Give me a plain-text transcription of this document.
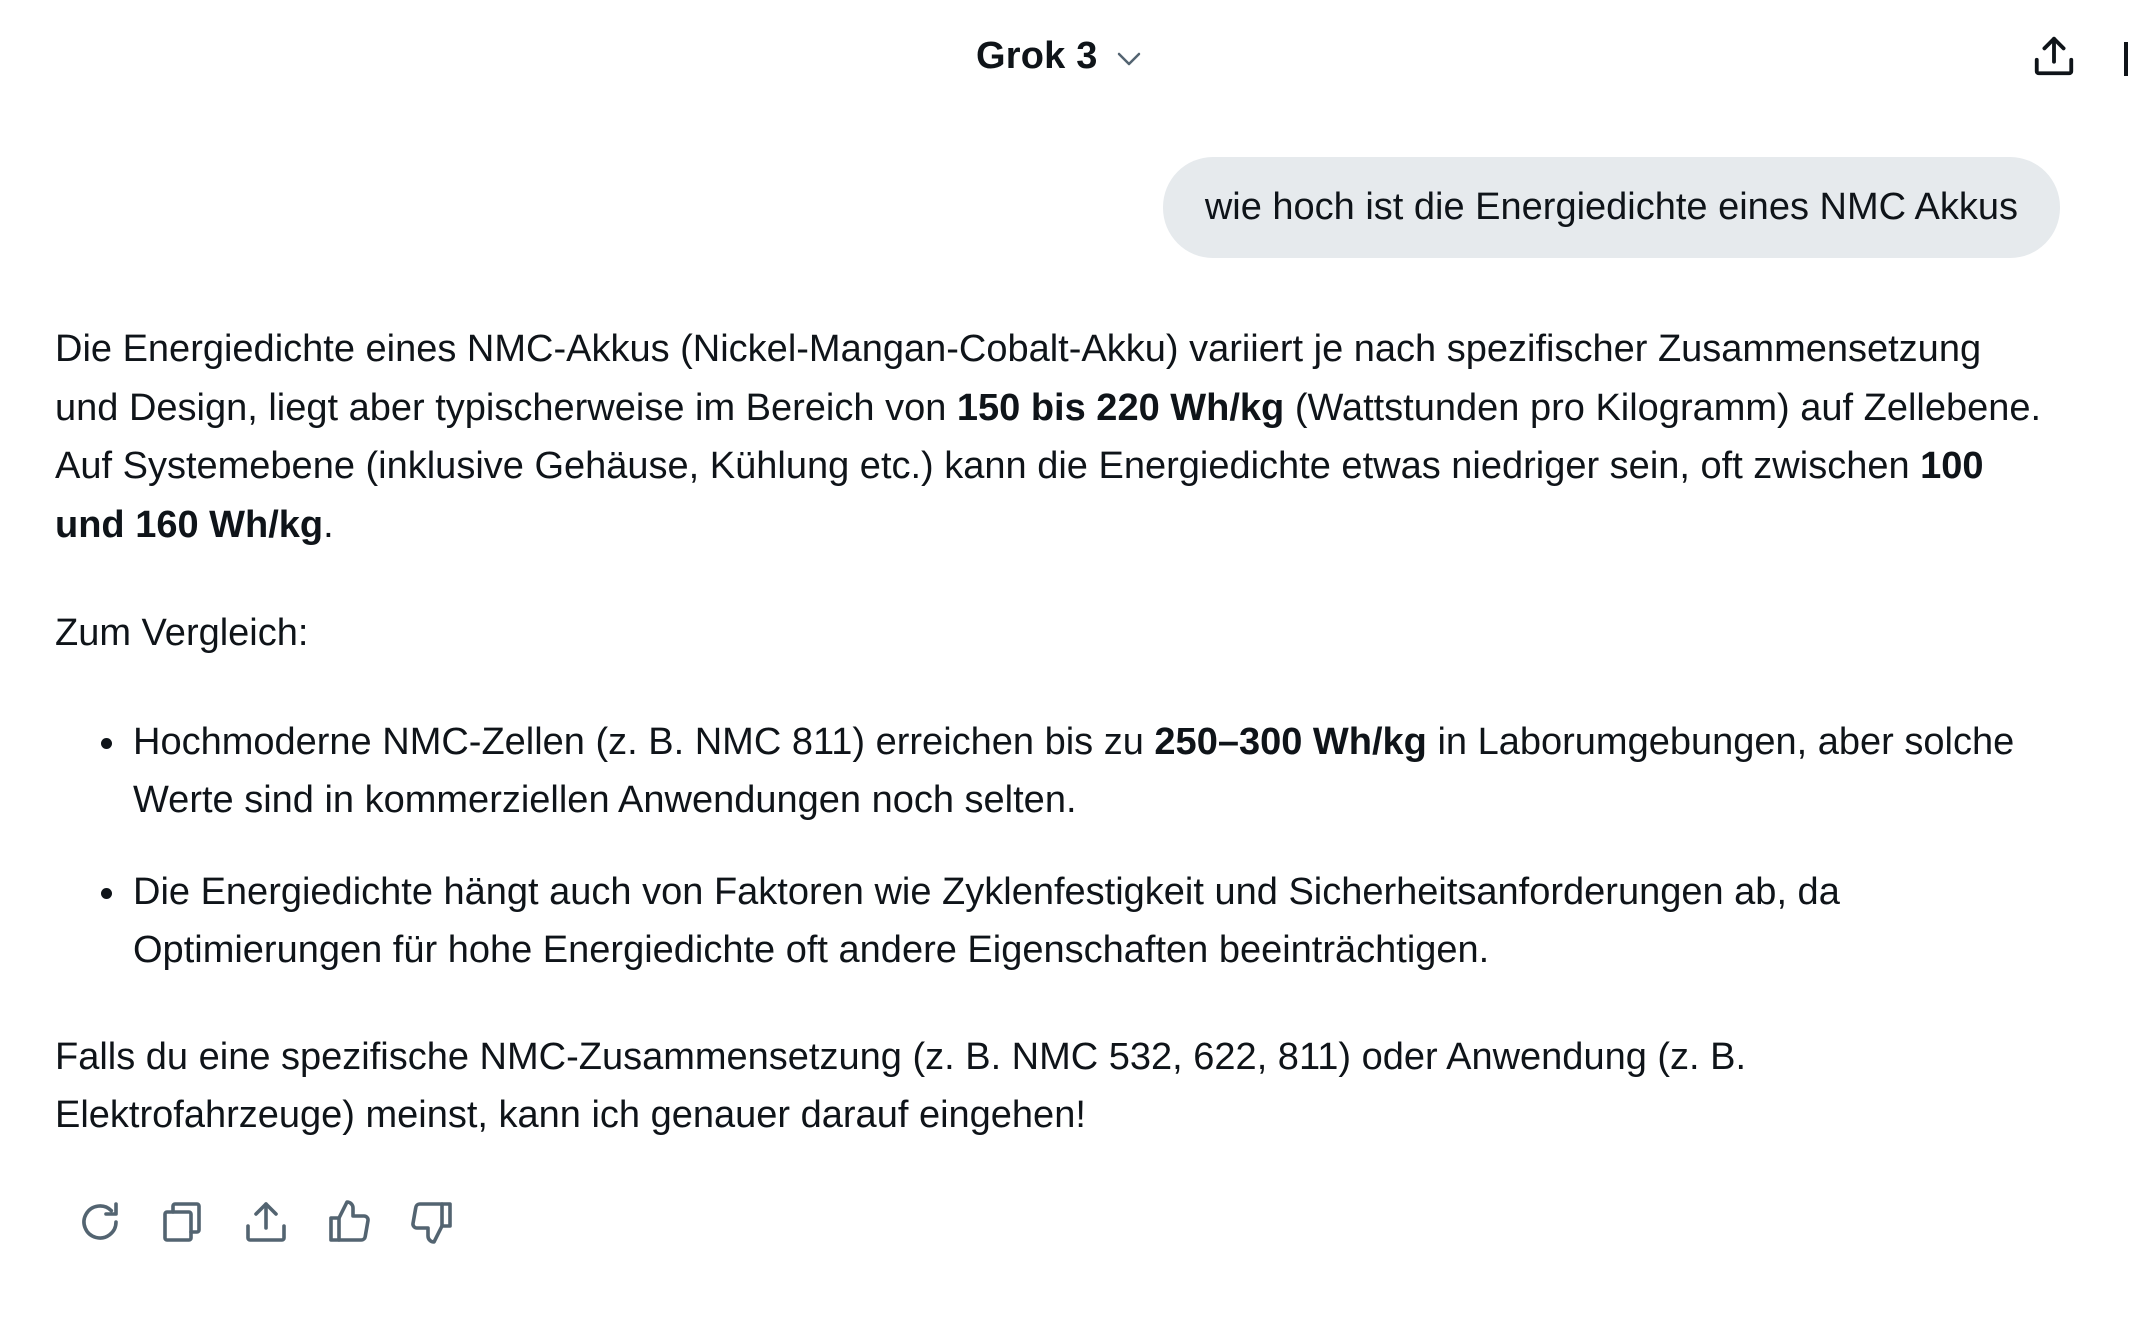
Grok 3
wie hoch ist die Energiedichte eines NMC Akkus

Die Energiedichte eines NMC-Akkus (Nickel-Mangan-Cobalt-Akku) variiert je nach spezifischer Zusammensetzung und Design, liegt aber typischerweise im Bereich von 150 bis 220 Wh/kg (Wattstunden pro Kilogramm) auf Zellebene. Auf Systemebene (inklusive Gehäuse, Kühlung etc.) kann die Energiedichte etwas niedriger sein, oft zwischen 100 und 160 Wh/kg.

Zum Vergleich:

Hochmoderne NMC-Zellen (z. B. NMC 811) erreichen bis zu 250–300 Wh/kg in Laborumgebungen, aber solche Werte sind in kommerziellen Anwendungen noch selten.
Die Energiedichte hängt auch von Faktoren wie Zyklenfestigkeit und Sicherheitsanforderungen ab, da Optimierungen für hohe Energiedichte oft andere Eigenschaften beeinträchtigen.

Falls du eine spezifische NMC-Zusammensetzung (z. B. NMC 532, 622, 811) oder Anwendung (z. B. Elektrofahrzeuge) meinst, kann ich genauer darauf eingehen!
